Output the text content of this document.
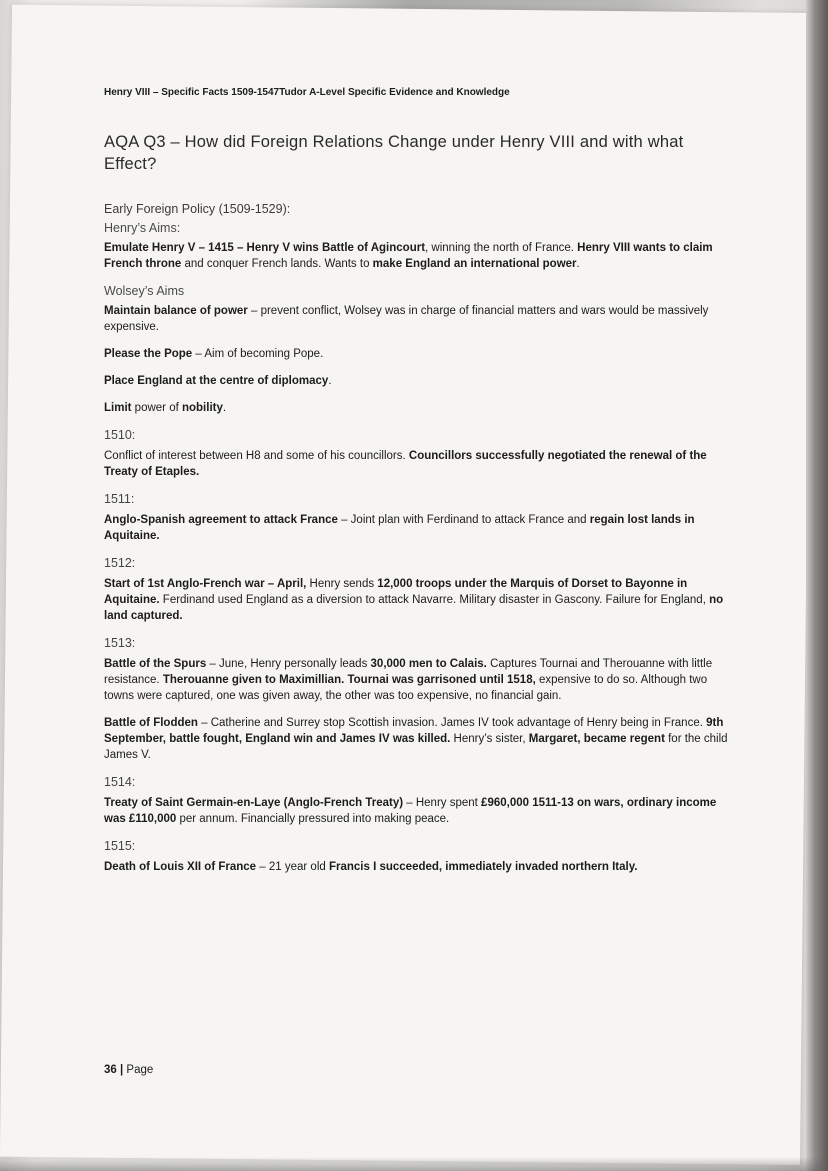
Henry VIII – Specific Facts 1509-1547Tudor A-Level Specific Evidence and Knowledge
AQA Q3 – How did Foreign Relations Change under Henry VIII and with what Effect?
Early Foreign Policy (1509-1529):
Henry’s Aims:
Emulate Henry V – 1415 – Henry V wins Battle of Agincourt, winning the north of France. Henry VIII wants to claim French throne and conquer French lands. Wants to make England an international power.
Wolsey’s Aims
Maintain balance of power – prevent conflict, Wolsey was in charge of financial matters and wars would be massively expensive.
Please the Pope – Aim of becoming Pope.
Place England at the centre of diplomacy.
Limit power of nobility.
1510:
Conflict of interest between H8 and some of his councillors. Councillors successfully negotiated the renewal of the Treaty of Etaples.
1511:
Anglo-Spanish agreement to attack France – Joint plan with Ferdinand to attack France and regain lost lands in Aquitaine.
1512:
Start of 1st Anglo-French war – April, Henry sends 12,000 troops under the Marquis of Dorset to Bayonne in Aquitaine. Ferdinand used England as a diversion to attack Navarre. Military disaster in Gascony. Failure for England, no land captured.
1513:
Battle of the Spurs – June, Henry personally leads 30,000 men to Calais. Captures Tournai and Therouanne with little resistance. Therouanne given to Maximillian. Tournai was garrisoned until 1518, expensive to do so. Although two towns were captured, one was given away, the other was too expensive, no financial gain.
Battle of Flodden – Catherine and Surrey stop Scottish invasion. James IV took advantage of Henry being in France. 9th September, battle fought, England win and James IV was killed. Henry’s sister, Margaret, became regent for the child James V.
1514:
Treaty of Saint Germain-en-Laye (Anglo-French Treaty) – Henry spent £960,000 1511-13 on wars, ordinary income was £110,000 per annum. Financially pressured into making peace.
1515:
Death of Louis XII of France – 21 year old Francis I succeeded, immediately invaded northern Italy.
36 | Page
